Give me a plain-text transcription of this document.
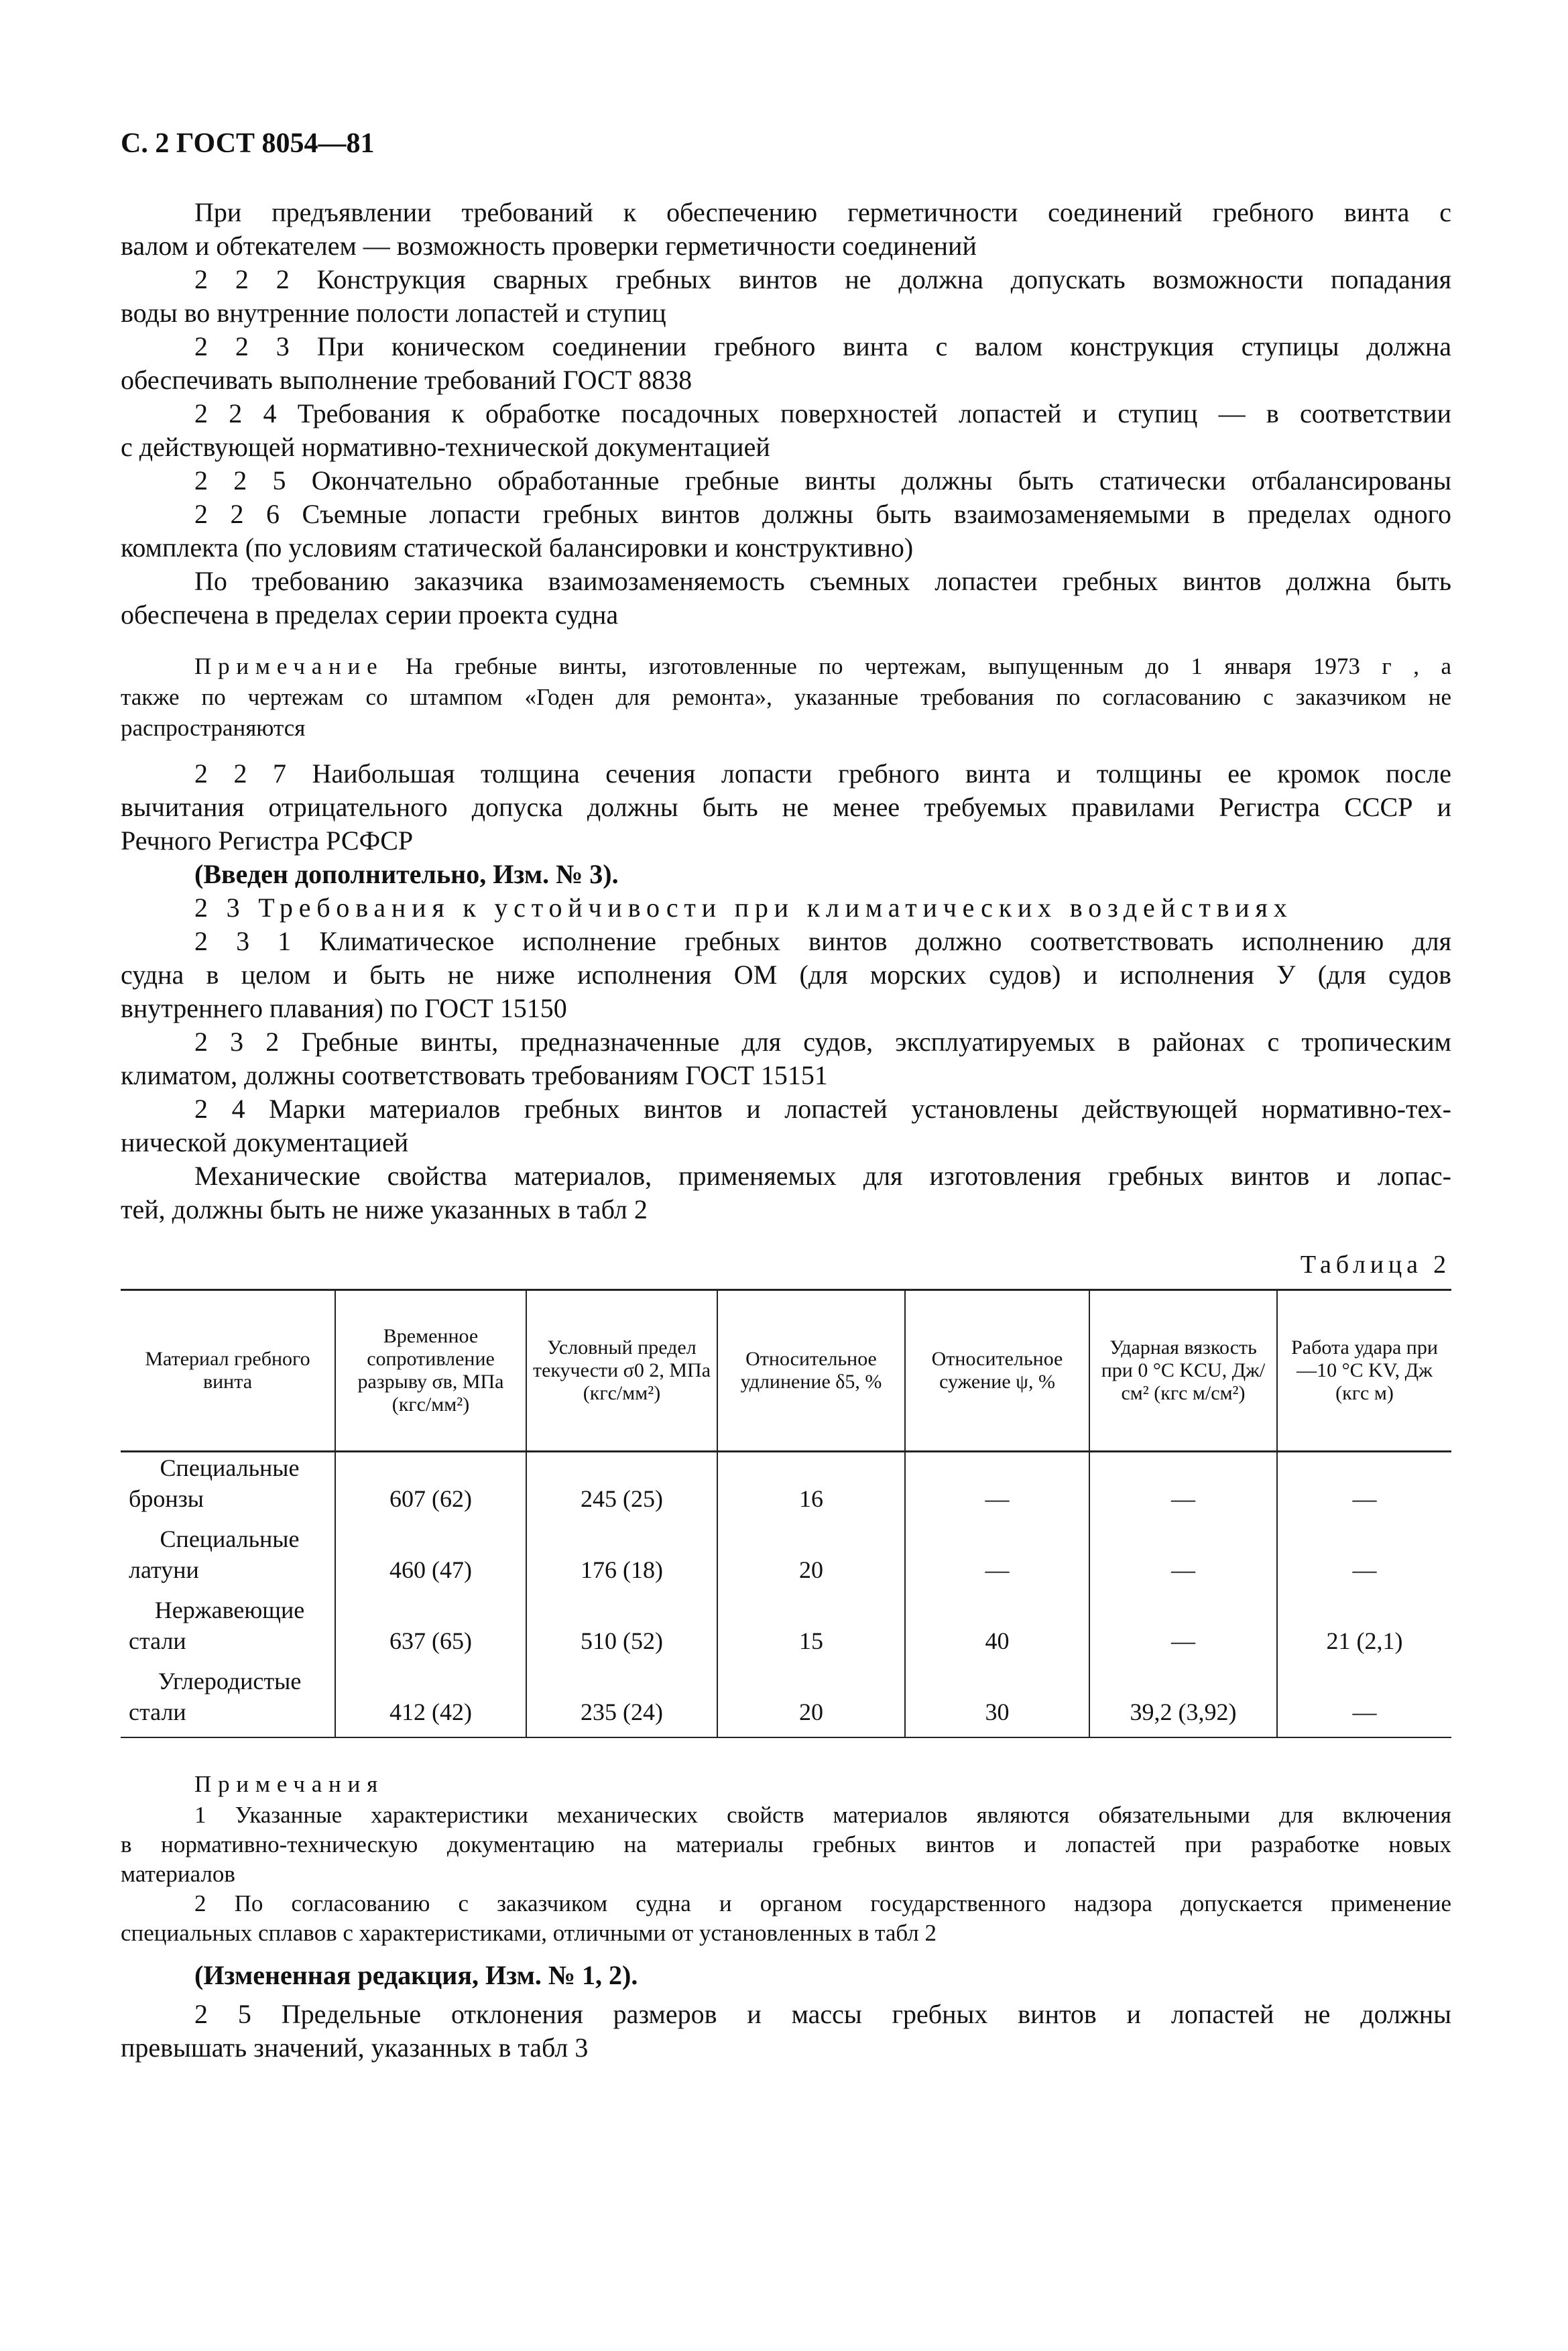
С. 2 ГОСТ 8054—81
При предъявлении требований к обеспечению герметичности соединений гребного винта с
валом и обтекателем — возможность проверки герметичности соединений
2 2 2 Конструкция сварных гребных винтов не должна допускать возможности попадания
воды во внутренние полости лопастей и ступиц
2 2 3 При коническом соединении гребного винта с валом конструкция ступицы должна
обеспечивать выполнение требований ГОСТ 8838
2 2 4 Требования к обработке посадочных поверхностей лопастей и ступиц — в соответствии
с действующей нормативно-технической документацией
2 2 5 Окончательно обработанные гребные винты должны быть статически отбалансированы
2 2 6 Съемные лопасти гребных винтов должны быть взаимозаменяемыми в пределах одного
комплекта (по условиям статической балансировки и конструктивно)
По требованию заказчика взаимозаменяемость съемных лопастеи гребных винтов должна быть
обеспечена в пределах серии проекта судна
Примечание На гребные винты, изготовленные по чертежам, выпущенным до 1 января 1973 г , а
также по чертежам со штампом «Годен для ремонта», указанные требования по согласованию с заказчиком не
распространяются
2 2 7 Наибольшая толщина сечения лопасти гребного винта и толщины ее кромок после
вычитания отрицательного допуска должны быть не менее требуемых правилами Регистра СССР и
Речного Регистра РСФСР
(Введен дополнительно, Изм. № 3).
2 3 Требования к устойчивости при климатических воздействиях
2 3 1 Климатическое исполнение гребных винтов должно соответствовать исполнению для
судна в целом и быть не ниже исполнения ОМ (для морских судов) и исполнения У (для судов
внутреннего плавания) по ГОСТ 15150
2 3 2 Гребные винты, предназначенные для судов, эксплуатируемых в районах с тропическим
климатом, должны соответствовать требованиям ГОСТ 15151
2 4 Марки материалов гребных винтов и лопастей установлены действующей нормативно-тех-
нической документацией
Механические свойства материалов, применяемых для изготовления гребных винтов и лопас-
тей, должны быть не ниже указанных в табл 2
Таблица 2
Материал гребного винта	Временное сопротивление разрыву σв, МПа (кгс/мм²)	Условный предел текучести σ0 2, МПа (кгс/мм²)	Относительное удлинение δ5, %	Относительное сужение ψ, %	Ударная вязкость при 0 °С KCU, Дж/см² (кгс м/см²)	Работа удара при —10 °С KV, Дж (кгс м)

Специальные
бронзы	607 (62)	245 (25)	16	—	—	—

Специальные
латуни	460 (47)	176 (18)	20	—	—	—

Нержавеющие
стали	637 (65)	510 (52)	15	40	—	21 (2,1)

Углеродистые
стали	412 (42)	235 (24)	20	30	39,2 (3,92)	—
Примечания
1 Указанные характеристики механических свойств материалов являются обязательными для включения
в нормативно-техническую документацию на материалы гребных винтов и лопастей при разработке новых
материалов
2 По согласованию с заказчиком судна и органом государственного надзора допускается применение
специальных сплавов с характеристиками, отличными от установленных в табл 2
(Измененная редакция, Изм. № 1, 2).
2 5 Предельные отклонения размеров и массы гребных винтов и лопастей не должны
превышать значений, указанных в табл 3
